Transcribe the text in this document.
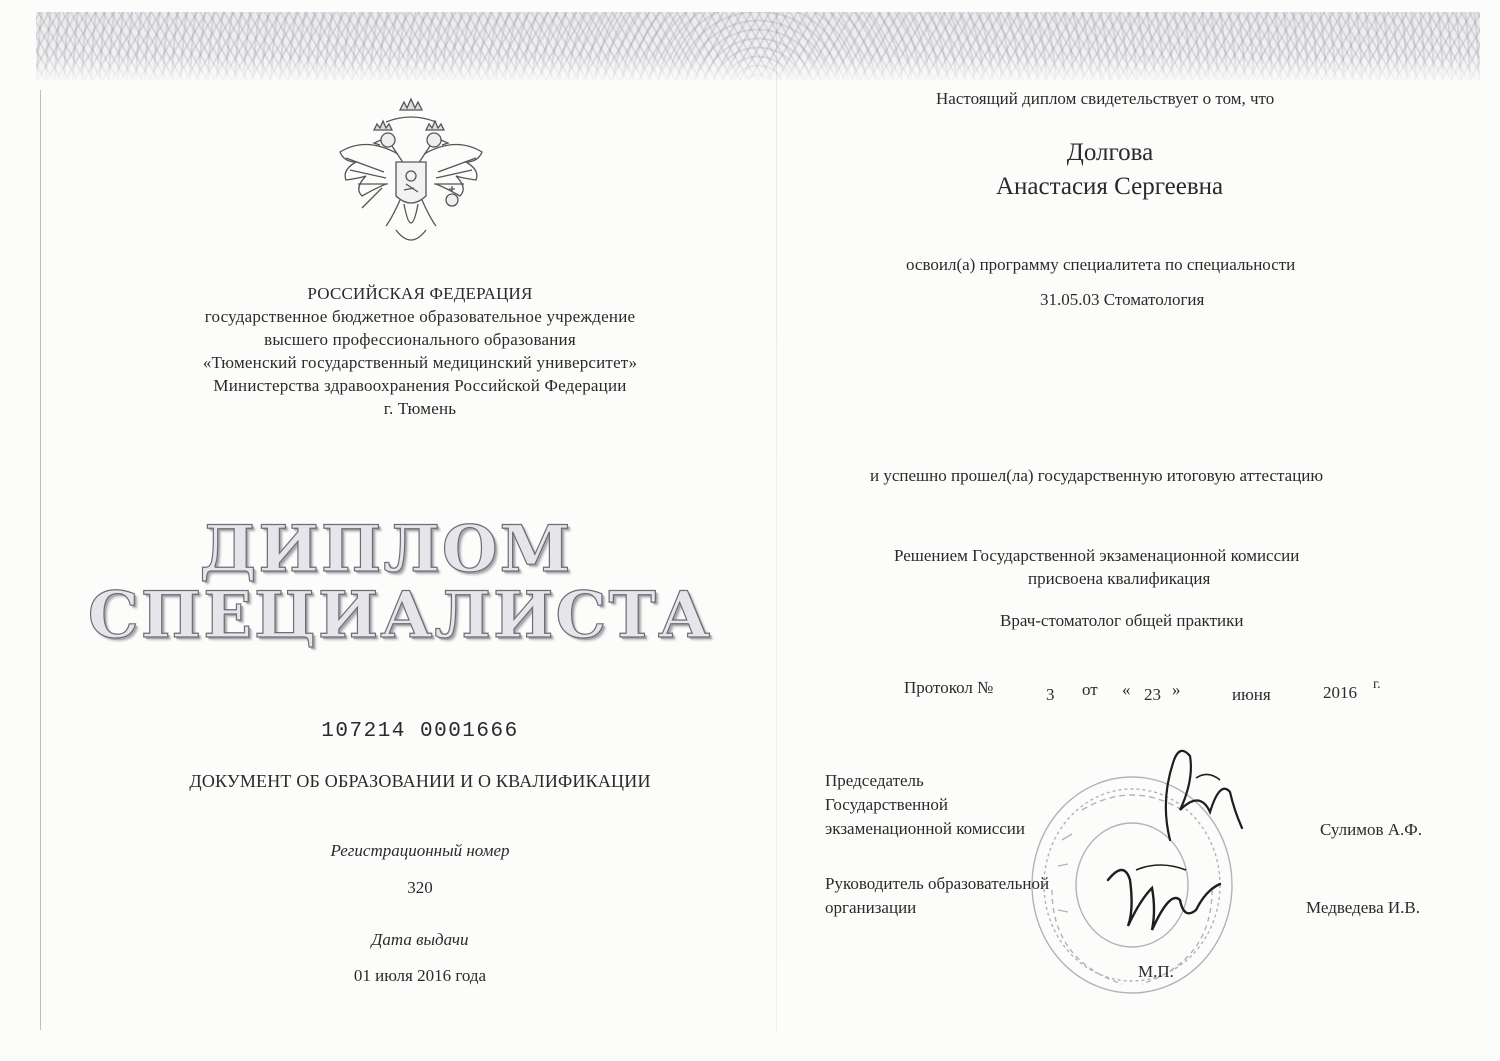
РОССИЙСКАЯ ФЕДЕРАЦИЯ
государственное бюджетное образовательное учреждение
высшего профессионального образования
«Тюменский государственный медицинский университет»
Министерства здравоохранения Российской Федерации
г. Тюмень
ДИПЛОМ
СПЕЦИАЛИСТА
107214 0001666
ДОКУМЕНТ ОБ ОБРАЗОВАНИИ И О КВАЛИФИКАЦИИ
Регистрационный номер
320
Дата выдачи
01 июля 2016 года
Настоящий диплом свидетельствует о том, что
Долгова
Анастасия Сергеевна
освоил(а) программу специалитета по специальности
31.05.03 Стоматология
и успешно прошел(ла) государственную итоговую аттестацию
Решением Государственной экзаменационной комиссии
присвоена квалификация
Врач-стоматолог общей практики
Протокол №	3 от « 23 »	июня	2016 г.
Председатель
Государственной
экзаменационной комиссии	Сулимов А.Ф.
Руководитель образовательной
организации	Медведева И.В.
М.П.
